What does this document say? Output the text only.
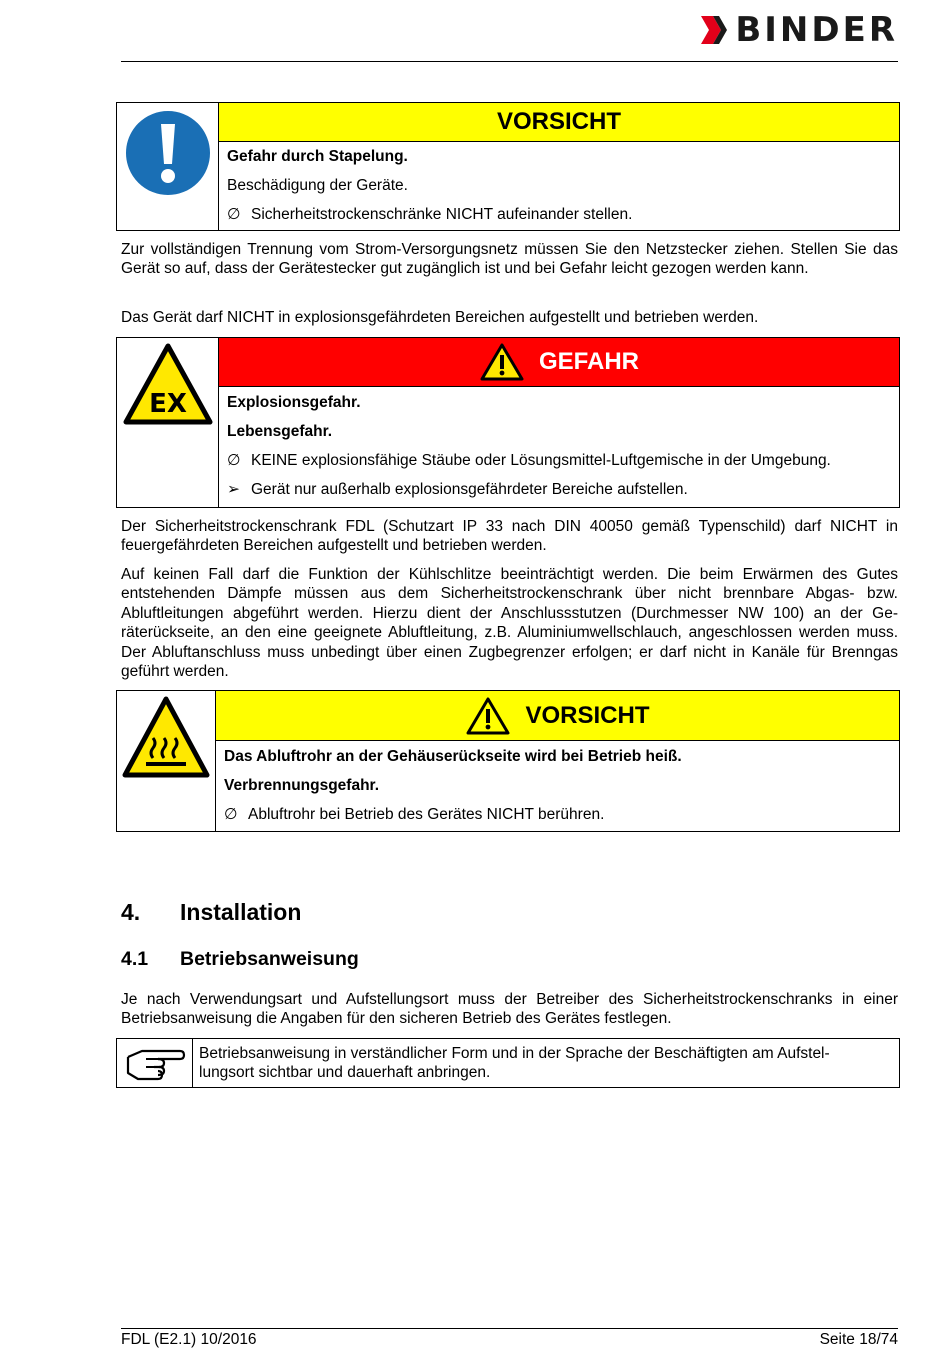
BINDER
VORSICHT
Gefahr durch Stapelung.
Beschädigung der Geräte.
∅ Sicherheitstrockenschränke NICHT aufeinander stellen.

Zur vollständigen Trennung vom Strom-Versorgungsnetz müssen Sie den Netzstecker ziehen. Stellen Sie das Gerät so auf, dass der Gerätestecker gut zugänglich ist und bei Gefahr leicht gezogen werden kann.

Das Gerät darf NICHT in explosionsgefährdeten Bereichen aufgestellt und betrieben werden.

EX
GEFAHR
Explosionsgefahr.
Lebensgefahr.
∅ KEINE explosionsfähige Stäube oder Lösungsmittel-Luftgemische in der Umgebung.
➢ Gerät nur außerhalb explosionsgefährdeter Bereiche aufstellen.

Der Sicherheitstrockenschrank FDL (Schutzart IP 33 nach DIN 40050 gemäß Typenschild) darf NICHT in feuergefährdeten Bereichen aufgestellt und betrieben werden.

Auf keinen Fall darf die Funktion der Kühlschlitze beeinträchtigt werden. Die beim Erwärmen des Gutes entstehenden Dämpfe müssen aus dem Sicherheitstrockenschrank über nicht brennbare Abgas- bzw. Abluftleitungen abgeführt werden. Hierzu dient der Anschlussstutzen (Durchmesser NW 100) an der Ge-räterückseite, an den eine geeignete Abluftleitung, z.B. Aluminiumwellschlauch, angeschlossen werden muss. Der Abluftanschluss muss unbedingt über einen Zugbegrenzer erfolgen; er darf nicht in Kanäle für Brenngas geführt werden.

VORSICHT
Das Abluftrohr an der Gehäuserückseite wird bei Betrieb heiß.
Verbrennungsgefahr.
∅ Abluftrohr bei Betrieb des Gerätes NICHT berühren.
4. Installation
4.1 Betriebsanweisung

Je nach Verwendungsart und Aufstellungsort muss der Betreiber des Sicherheitstrockenschranks in einer Betriebsanweisung die Angaben für den sicheren Betrieb des Gerätes festlegen.

Betriebsanweisung in verständlicher Form und in der Sprache der Beschäftigten am Aufstel-lungsort sichtbar und dauerhaft anbringen.
FDL (E2.1) 10/2016	Seite 18/74
